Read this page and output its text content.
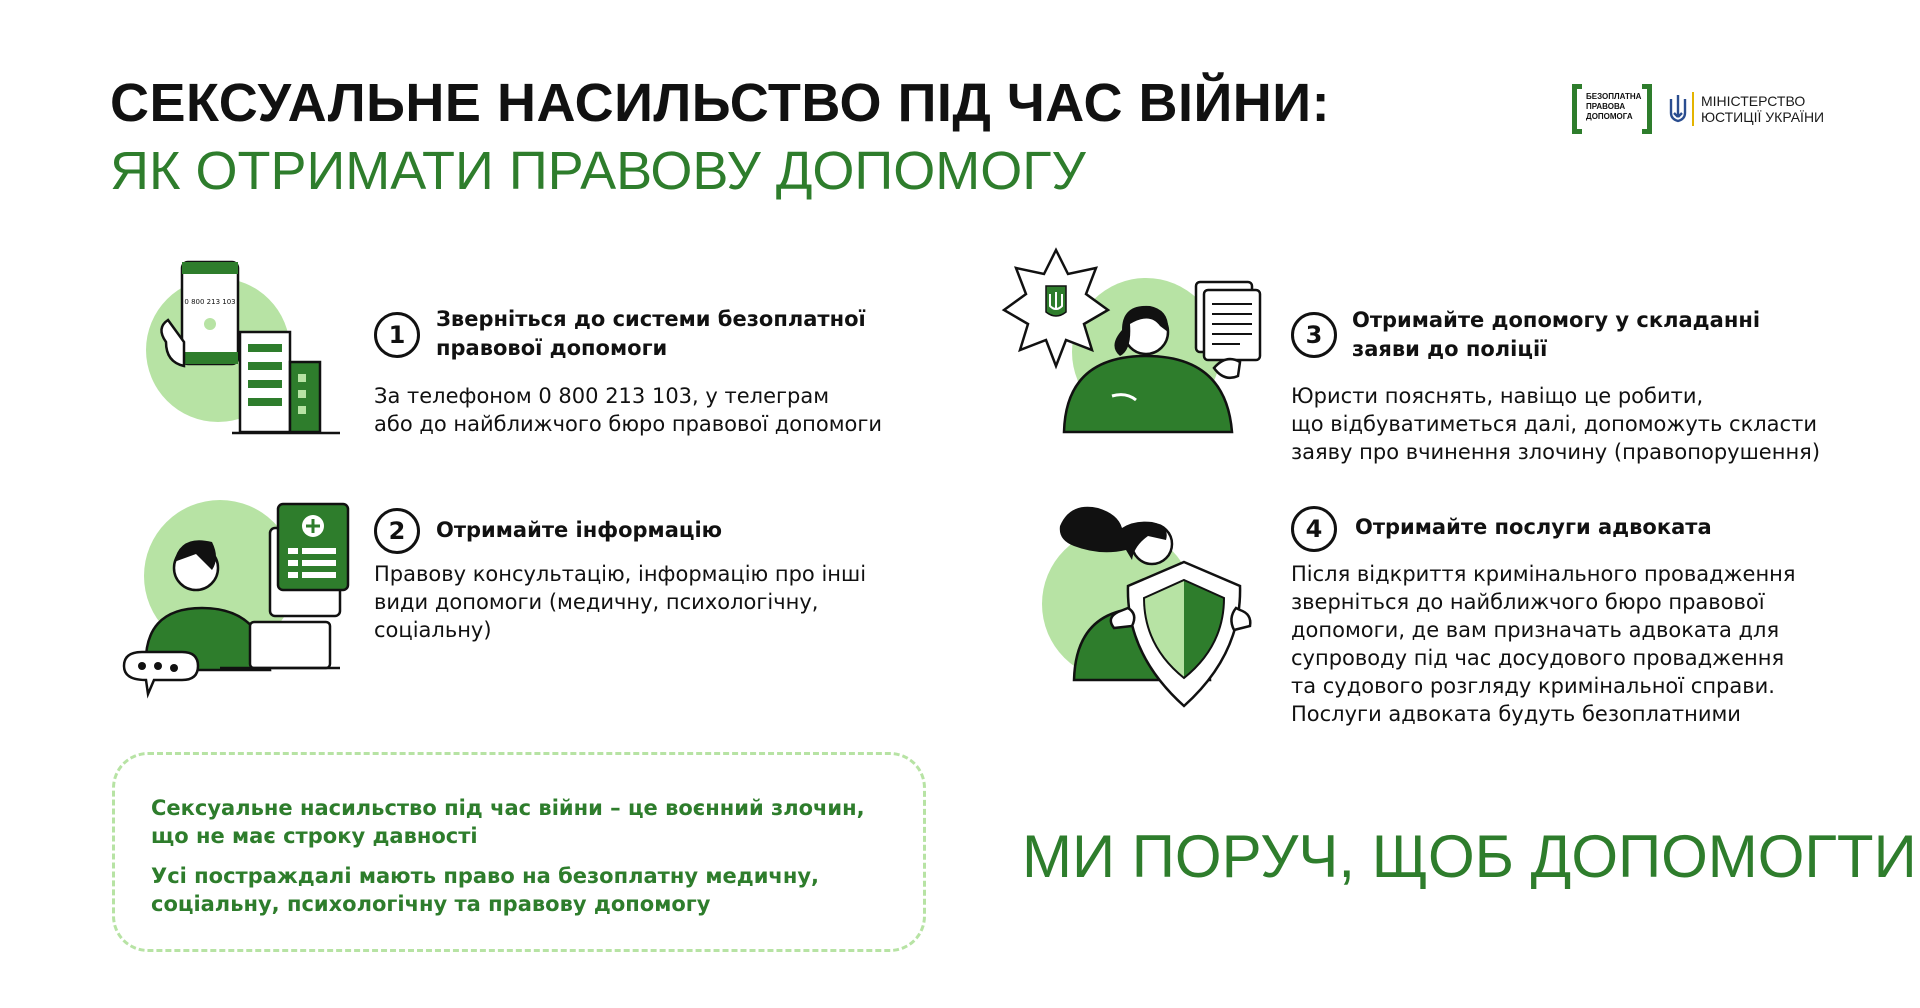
СЕКСУАЛЬНЕ НАСИЛЬСТВО ПІД ЧАС ВІЙНИ:
ЯК ОТРИМАТИ ПРАВОВУ ДОПОМОГУ
БЕЗОПЛАТНА
ПРАВОВА
ДОПОМОГА
МІНІСТЕРСТВО
ЮСТИЦІЇ УКРАЇНИ
0 800 213 103
1
Зверніться до системи безоплатної
правової допомоги
За телефоном 0 800 213 103, у телеграм
або до найближчого бюро правової допомоги
2	Отримайте інформацію
Правову консультацію, інформацію про інші
види допомоги (медичну, психологічну,
соціальну)
3
Отримайте допомогу у складанні
заяви до поліції
Юристи пояснять, навіщо це робити,
що відбуватиметься далі, допоможуть скласти
заяву про вчинення злочину (правопорушення)
4	Отримайте послуги адвоката
Після відкриття кримінального провадження
зверніться до найближчого бюро правової
допомоги, де вам призначать адвоката для
супроводу під час досудового провадження
та судового розгляду кримінальної справи.
Послуги адвоката будуть безоплатними
Сексуальне насильство під час війни – це воєнний злочин,
що не має строку давності
Усі постраждалі мають право на безоплатну медичну,
соціальну, психологічну та правову допомогу
МИ ПОРУЧ, ЩОБ ДОПОМОГТИ
